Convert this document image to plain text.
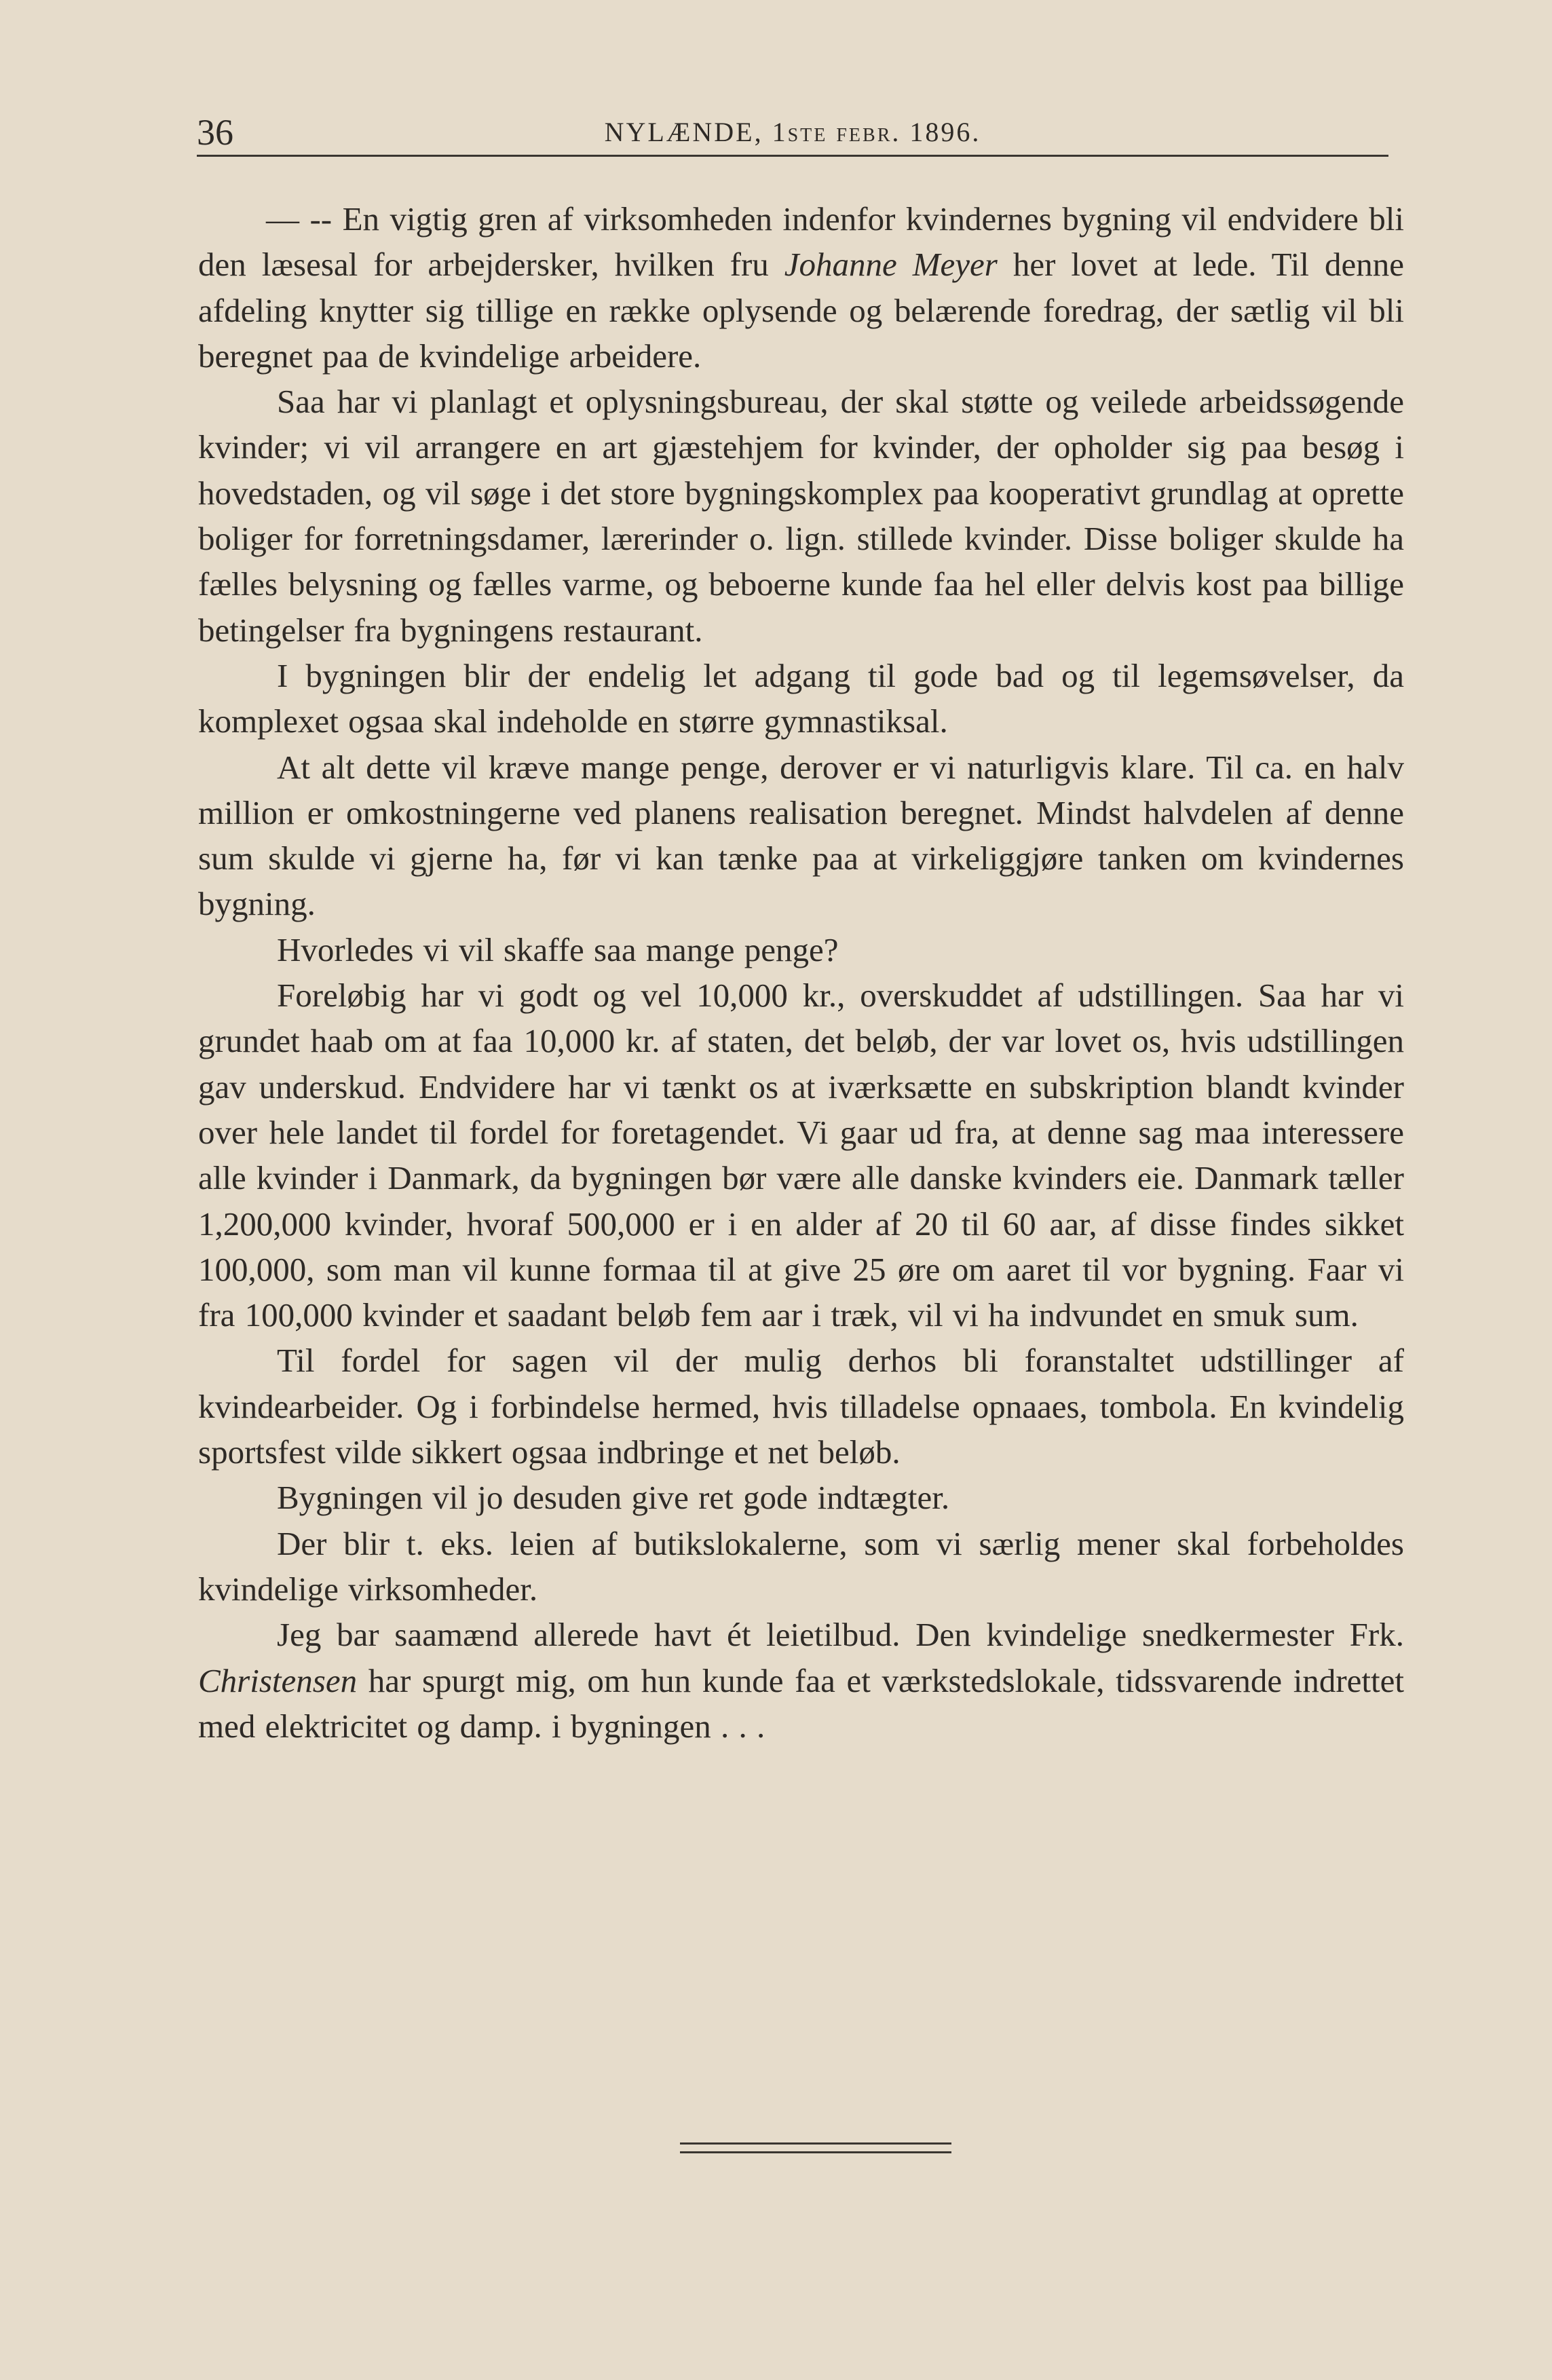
36	NYLÆNDE, 1ste febr. 1896.

— -- En vigtig gren af virksomheden indenfor kvindernes bygning vil endvidere bli den læsesal for arbejdersker, hvilken fru Johanne Meyer her lovet at lede. Til denne afdeling knytter sig tillige en række oplysende og belærende foredrag, der sætlig vil bli beregnet paa de kvindelige arbeidere.

Saa har vi planlagt et oplysningsbureau, der skal støtte og veilede arbeidssøgende kvinder; vi vil arrangere en art gjæstehjem for kvinder, der opholder sig paa besøg i hovedstaden, og vil søge i det store bygningskomplex paa kooperativt grundlag at oprette boliger for forretningsdamer, lærerinder o. lign. stillede kvinder. Disse boliger skulde ha fælles belysning og fælles varme, og beboerne kunde faa hel eller delvis kost paa billige betingelser fra bygningens restaurant.

I bygningen blir der endelig let adgang til gode bad og til legemsøvelser, da komplexet ogsaa skal indeholde en større gymnastiksal.

At alt dette vil kræve mange penge, derover er vi naturligvis klare. Til ca. en halv million er omkostningerne ved planens realisation beregnet. Mindst halvdelen af denne sum skulde vi gjerne ha, før vi kan tænke paa at virkeliggjøre tanken om kvindernes bygning.

Hvorledes vi vil skaffe saa mange penge?

Foreløbig har vi godt og vel 10,000 kr., overskuddet af udstillingen. Saa har vi grundet haab om at faa 10,000 kr. af staten, det beløb, der var lovet os, hvis udstillingen gav underskud. Endvidere har vi tænkt os at iværksætte en subskription blandt kvinder over hele landet til fordel for foretagendet. Vi gaar ud fra, at denne sag maa interessere alle kvinder i Danmark, da bygningen bør være alle danske kvinders eie. Danmark tæller 1,200,000 kvinder, hvoraf 500,000 er i en alder af 20 til 60 aar, af disse findes sikket 100,000, som man vil kunne formaa til at give 25 øre om aaret til vor bygning. Faar vi fra 100,000 kvinder et saadant beløb fem aar i træk, vil vi ha indvundet en smuk sum.

Til fordel for sagen vil der mulig derhos bli foranstaltet udstillinger af kvindearbeider. Og i forbindelse hermed, hvis tilladelse opnaaes, tombola. En kvindelig sportsfest vilde sikkert ogsaa indbringe et net beløb.

Bygningen vil jo desuden give ret gode indtægter.

Der blir t. eks. leien af butikslokalerne, som vi særlig mener skal forbeholdes kvindelige virksomheder.

Jeg bar saamænd allerede havt ét leietilbud. Den kvindelige snedkermester Frk. Christensen har spurgt mig, om hun kunde faa et værkstedslokale, tidssvarende indrettet med elektricitet og damp. i bygningen . . .
